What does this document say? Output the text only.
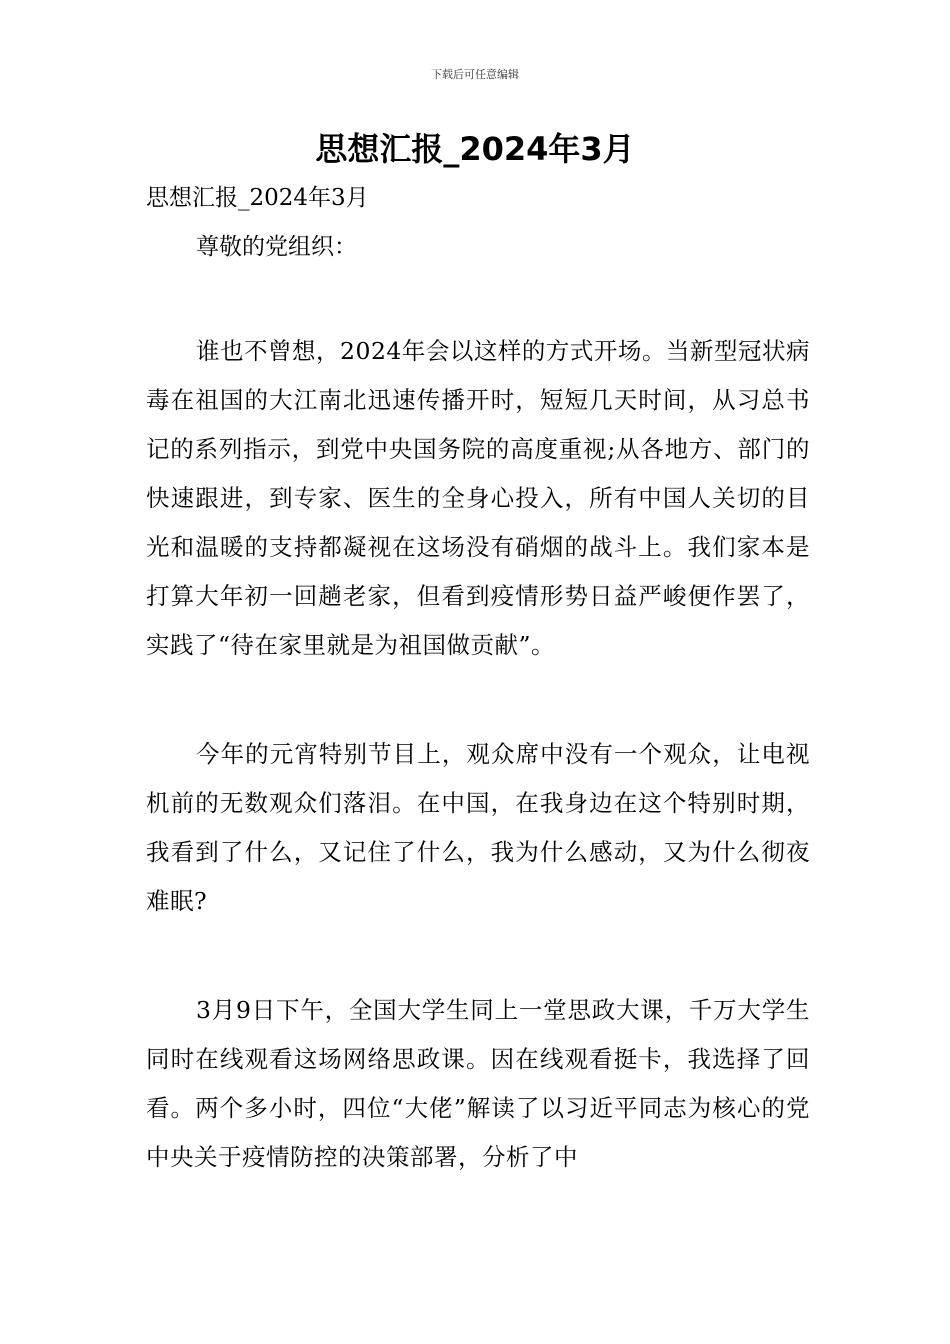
下载后可任意编辑
思想汇报_2024年3月

思想汇报_2024年3月

尊敬的党组织：

谁也不曾想，2024年会以这样的方式开场。当新型冠状病毒在祖国的大江南北迅速传播开时，短短几天时间，从习总书记的系列指示，到党中央国务院的高度重视;从各地方、部门的快速跟进，到专家、医生的全身心投入，所有中国人关切的目光和温暖的支持都凝视在这场没有硝烟的战斗上。我们家本是打算大年初一回趟老家，但看到疫情形势日益严峻便作罢了，实践了“待在家里就是为祖国做贡献”。

今年的元宵特别节目上，观众席中没有一个观众，让电视机前的无数观众们落泪。在中国，在我身边在这个特别时期，我看到了什么，又记住了什么，我为什么感动，又为什么彻夜难眠?

3月9日下午，全国大学生同上一堂思政大课，千万大学生同时在线观看这场网络思政课。因在线观看挺卡，我选择了回看。两个多小时，四位“大佬”解读了以习近平同志为核心的党中央关于疫情防控的决策部署，分析了中
